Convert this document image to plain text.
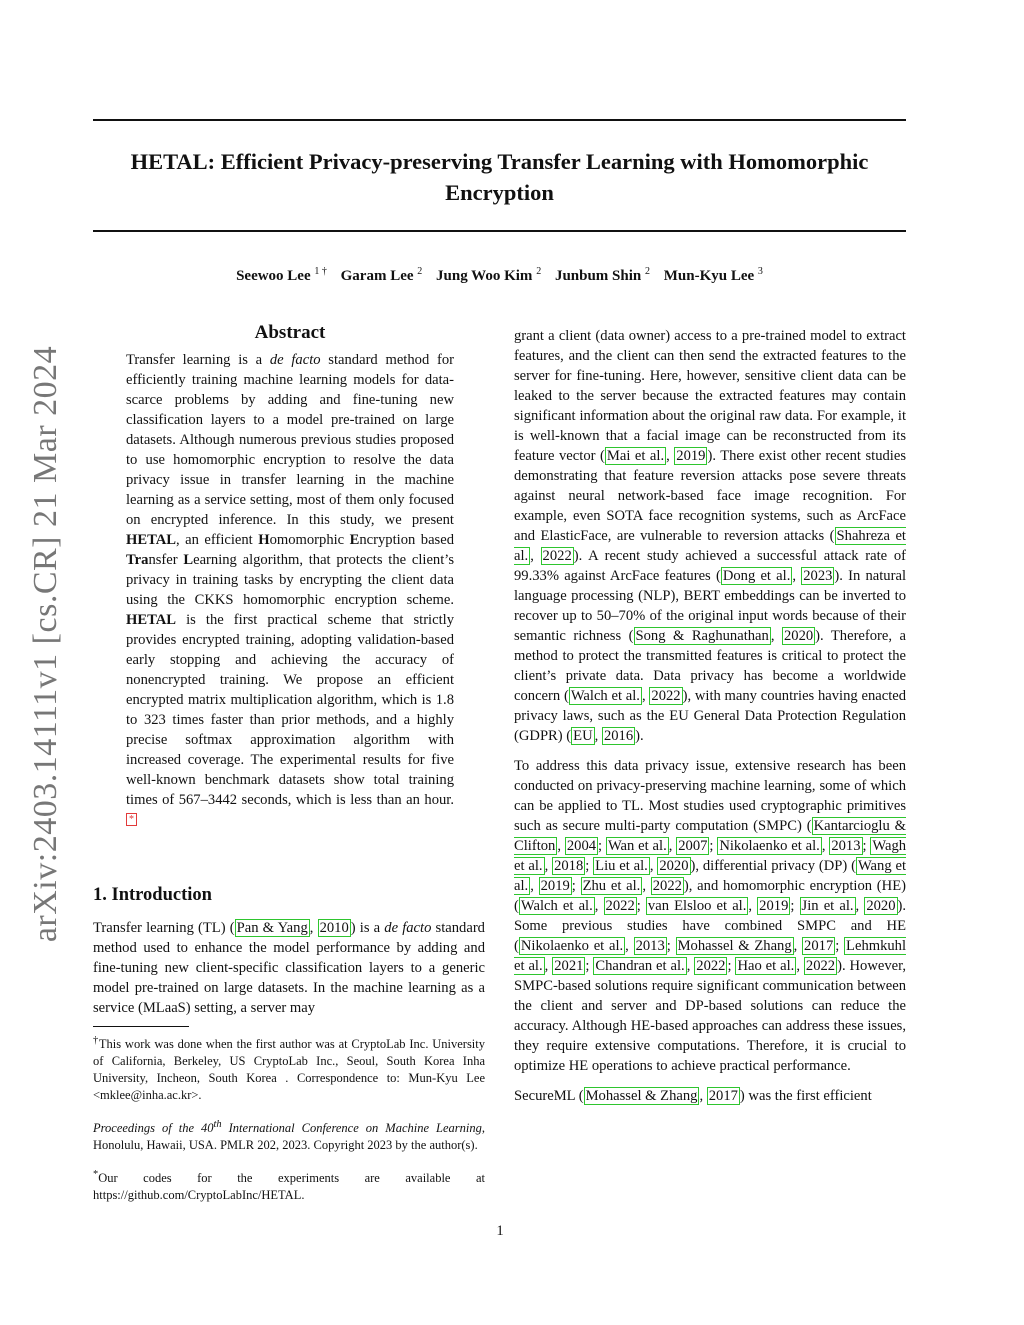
arXiv:2403.14111v1 [cs.CR] 21 Mar 2024
HETAL: Efficient Privacy-preserving Transfer Learning with Homomorphic
Encryption
Seewoo Lee $^{1 \dagger}$ Garam Lee $^2$ Jung Woo Kim $^2$ Junbum Shin $^2$ Mun-Kyu Lee $^3$
Abstract
Transfer learning is a de facto standard method for efficiently training machine learning models for data-scarce problems by adding and fine-tuning new classification layers to a model pre-trained on large datasets. Although numerous previous studies proposed to use homomorphic encryption to resolve the data privacy issue in transfer learning in the machine learning as a service setting, most of them only focused on encrypted inference. In this study, we present HETAL, an efficient Homomorphic Encryption based Transfer Learning algorithm, that protects the client’s privacy in training tasks by encrypting the client data using the CKKS homomorphic encryption scheme. HETAL is the first practical scheme that strictly provides encrypted training, adopting validation-based early stopping and achieving the accuracy of nonencrypted training. We propose an efficient encrypted matrix multiplication algorithm, which is 1.8 to 323 times faster than prior methods, and a highly precise softmax approximation algorithm with increased coverage. The experimental results for five well-known benchmark datasets show total training times of 567–3442 seconds, which is less than an hour. *
1. Introduction
Transfer learning (TL) ( Pan & Yang , 2010 ) is a de facto standard method used to enhance the model performance by adding and fine-tuning new client-specific classification layers to a generic model pre-trained on large datasets. In the machine learning as a service (MLaaS) setting, a server may
†This work was done when the first author was at CryptoLab Inc. University of California, Berkeley, US CryptoLab Inc., Seoul, South Korea Inha University, Incheon, South Korea . Correspondence to: Mun-Kyu Lee <mklee@inha.ac.kr>.
Proceedings of the 40th International Conference on Machine Learning, Honolulu, Hawaii, USA. PMLR 202, 2023. Copyright 2023 by the author(s).
*Our codes for the experiments are available at https://github.com/CryptoLabInc/HETAL.

grant a client (data owner) access to a pre-trained model to extract features, and the client can then send the extracted features to the server for fine-tuning. Here, however, sensitive client data can be leaked to the server because the extracted features may contain significant information about the original raw data. For example, it is well-known that a facial image can be reconstructed from its feature vector ( Mai et al. , 2019 ). There exist other recent studies demonstrating that feature reversion attacks pose severe threats against neural network-based face image recognition. For example, even SOTA face recognition systems, such as ArcFace and ElasticFace, are vulnerable to reversion attacks ( Shahreza et al. , 2022 ). A recent study achieved a successful attack rate of 99.33% against ArcFace features ( Dong et al. , 2023 ). In natural language processing (NLP), BERT embeddings can be inverted to recover up to 50–70% of the original input words because of their semantic richness ( Song & Raghunathan , 2020 ). Therefore, a method to protect the transmitted features is critical to protect the client’s private data. Data privacy has become a worldwide concern ( Walch et al. , 2022 ), with many countries having enacted privacy laws, such as the EU General Data Protection Regulation (GDPR) ( EU , 2016 ).

To address this data privacy issue, extensive research has been conducted on privacy-preserving machine learning, some of which can be applied to TL. Most studies used cryptographic primitives such as secure multi-party computation (SMPC) ( Kantarcioglu & Clifton , 2004 ; Wan et al. , 2007 ; Nikolaenko et al. , 2013 ; Wagh et al. , 2018 ; Liu et al. , 2020 ), differential privacy (DP) ( Wang et al. , 2019 ; Zhu et al. , 2022 ), and homomorphic encryption (HE) ( Walch et al. , 2022 ; van Elsloo et al. , 2019 ; Jin et al. , 2020 ). Some previous studies have combined SMPC and HE ( Nikolaenko et al. , 2013 ; Mohassel & Zhang , 2017 ; Lehmkuhl et al. , 2021 ; Chandran et al. , 2022 ; Hao et al. , 2022 ). However, SMPC-based solutions require significant communication between the client and server and DP-based solutions can reduce the accuracy. Although HE-based approaches can address these issues, they require extensive computations. Therefore, it is crucial to optimize HE operations to achieve practical performance.

SecureML ( Mohassel & Zhang , 2017 ) was the first efficient

1
